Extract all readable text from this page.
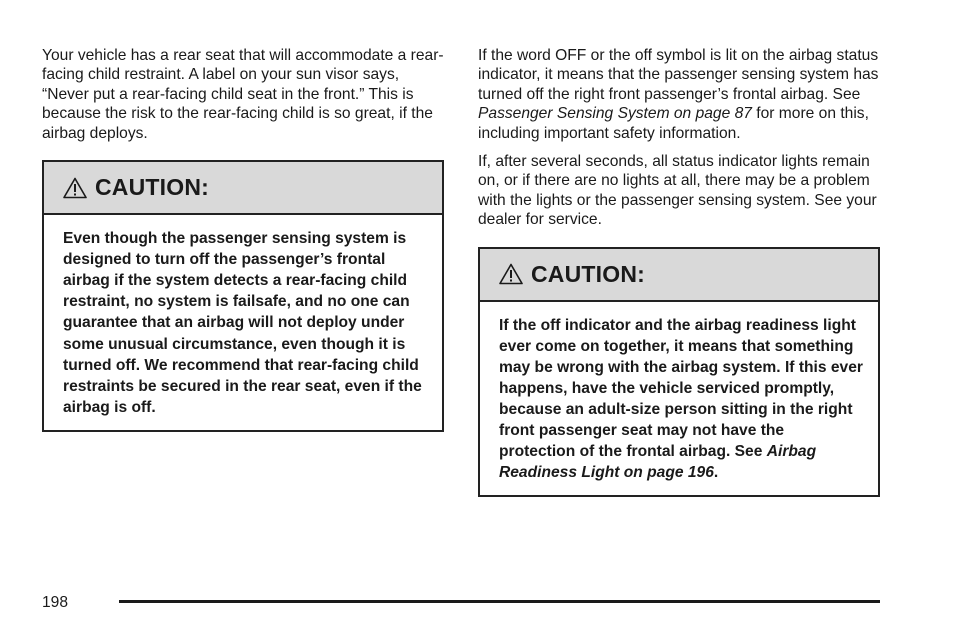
Your vehicle has a rear seat that will accommodate a rear-facing child restraint. A label on your sun visor says, “Never put a rear-facing child seat in the front.” This is because the risk to the rear-facing child is so great, if the airbag deploys.

CAUTION:
Even though the passenger sensing system is designed to turn off the passenger’s frontal airbag if the system detects a rear-facing child restraint, no system is failsafe, and no one can guarantee that an airbag will not deploy under some unusual circumstance, even though it is turned off. We recommend that rear-facing child restraints be secured in the rear seat, even if the airbag is off.

If the word OFF or the off symbol is lit on the airbag status indicator, it means that the passenger sensing system has turned off the right front passenger’s frontal airbag. See Passenger Sensing System on page 87 for more on this, including important safety information.

If, after several seconds, all status indicator lights remain on, or if there are no lights at all, there may be a problem with the lights or the passenger sensing system. See your dealer for service.

CAUTION:
If the off indicator and the airbag readiness light ever come on together, it means that something may be wrong with the airbag system. If this ever happens, have the vehicle serviced promptly, because an adult-size person sitting in the right front passenger seat may not have the protection of the frontal airbag. See Airbag Readiness Light on page 196.
198
